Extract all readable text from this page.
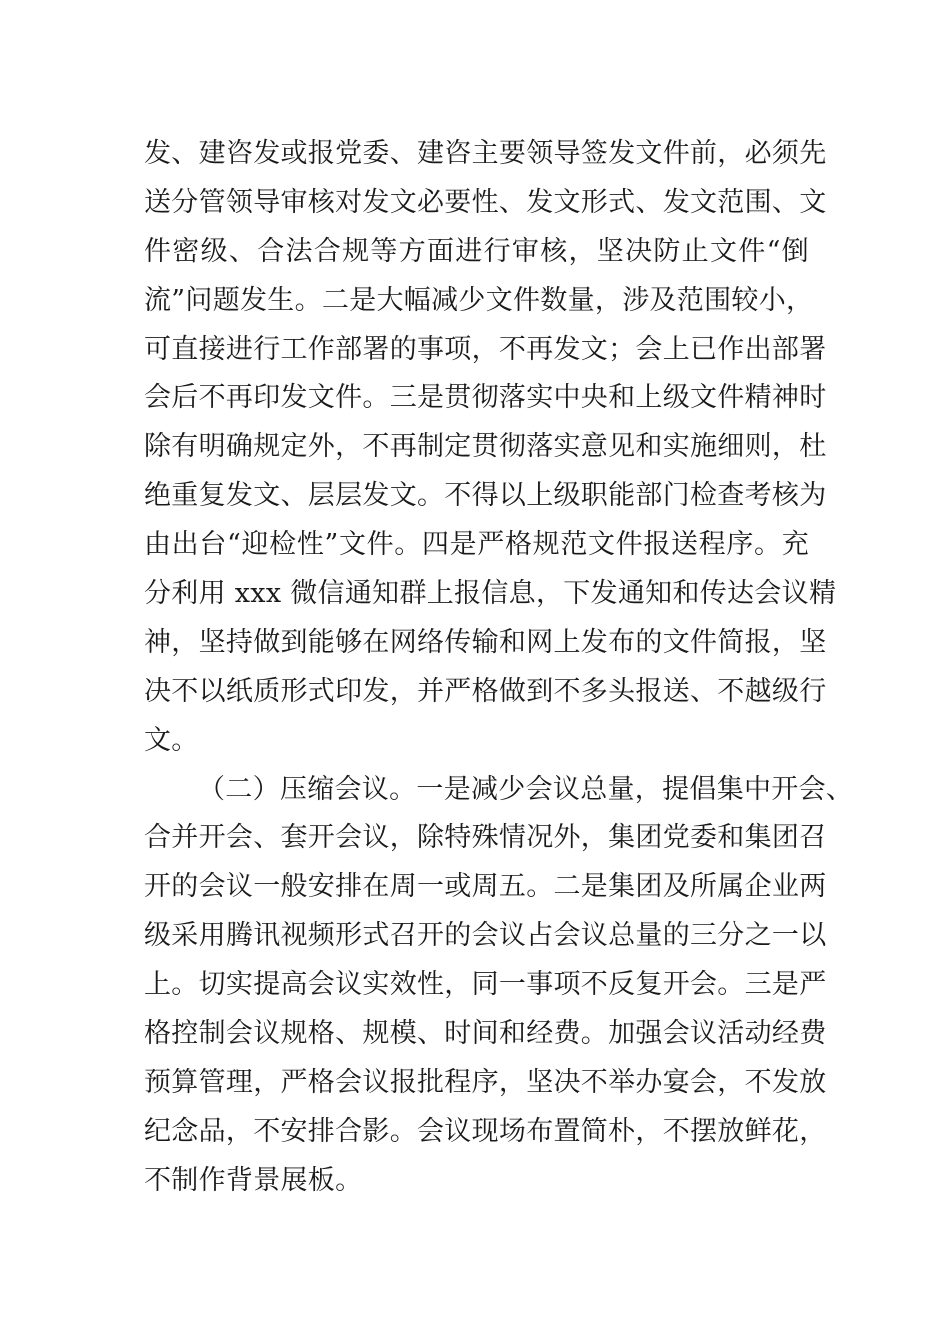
发、建咨发或报党委、建咨主要领导签发文件前，必须先
送分管领导审核对发文必要性、发文形式、发文范围、文
件密级、合法合规等方面进行审核，坚决防止文件“倒
流”问题发生。二是大幅减少文件数量，涉及范围较小，
可直接进行工作部署的事项，不再发文；会上已作出部署
会后不再印发文件。三是贯彻落实中央和上级文件精神时
除有明确规定外，不再制定贯彻落实意见和实施细则，杜
绝重复发文、层层发文。不得以上级职能部门检查考核为
由出台“迎检性”文件。四是严格规范文件报送程序。充
分利用 xxx 微信通知群上报信息，下发通知和传达会议精
神，坚持做到能够在网络传输和网上发布的文件简报，坚
决不以纸质形式印发，并严格做到不多头报送、不越级行
文。
（二）压缩会议。一是减少会议总量，提倡集中开会、
合并开会、套开会议，除特殊情况外，集团党委和集团召
开的会议一般安排在周一或周五。二是集团及所属企业两
级采用腾讯视频形式召开的会议占会议总量的三分之一以
上。切实提高会议实效性，同一事项不反复开会。三是严
格控制会议规格、规模、时间和经费。加强会议活动经费
预算管理，严格会议报批程序，坚决不举办宴会，不发放
纪念品，不安排合影。会议现场布置简朴，不摆放鲜花，
不制作背景展板。
